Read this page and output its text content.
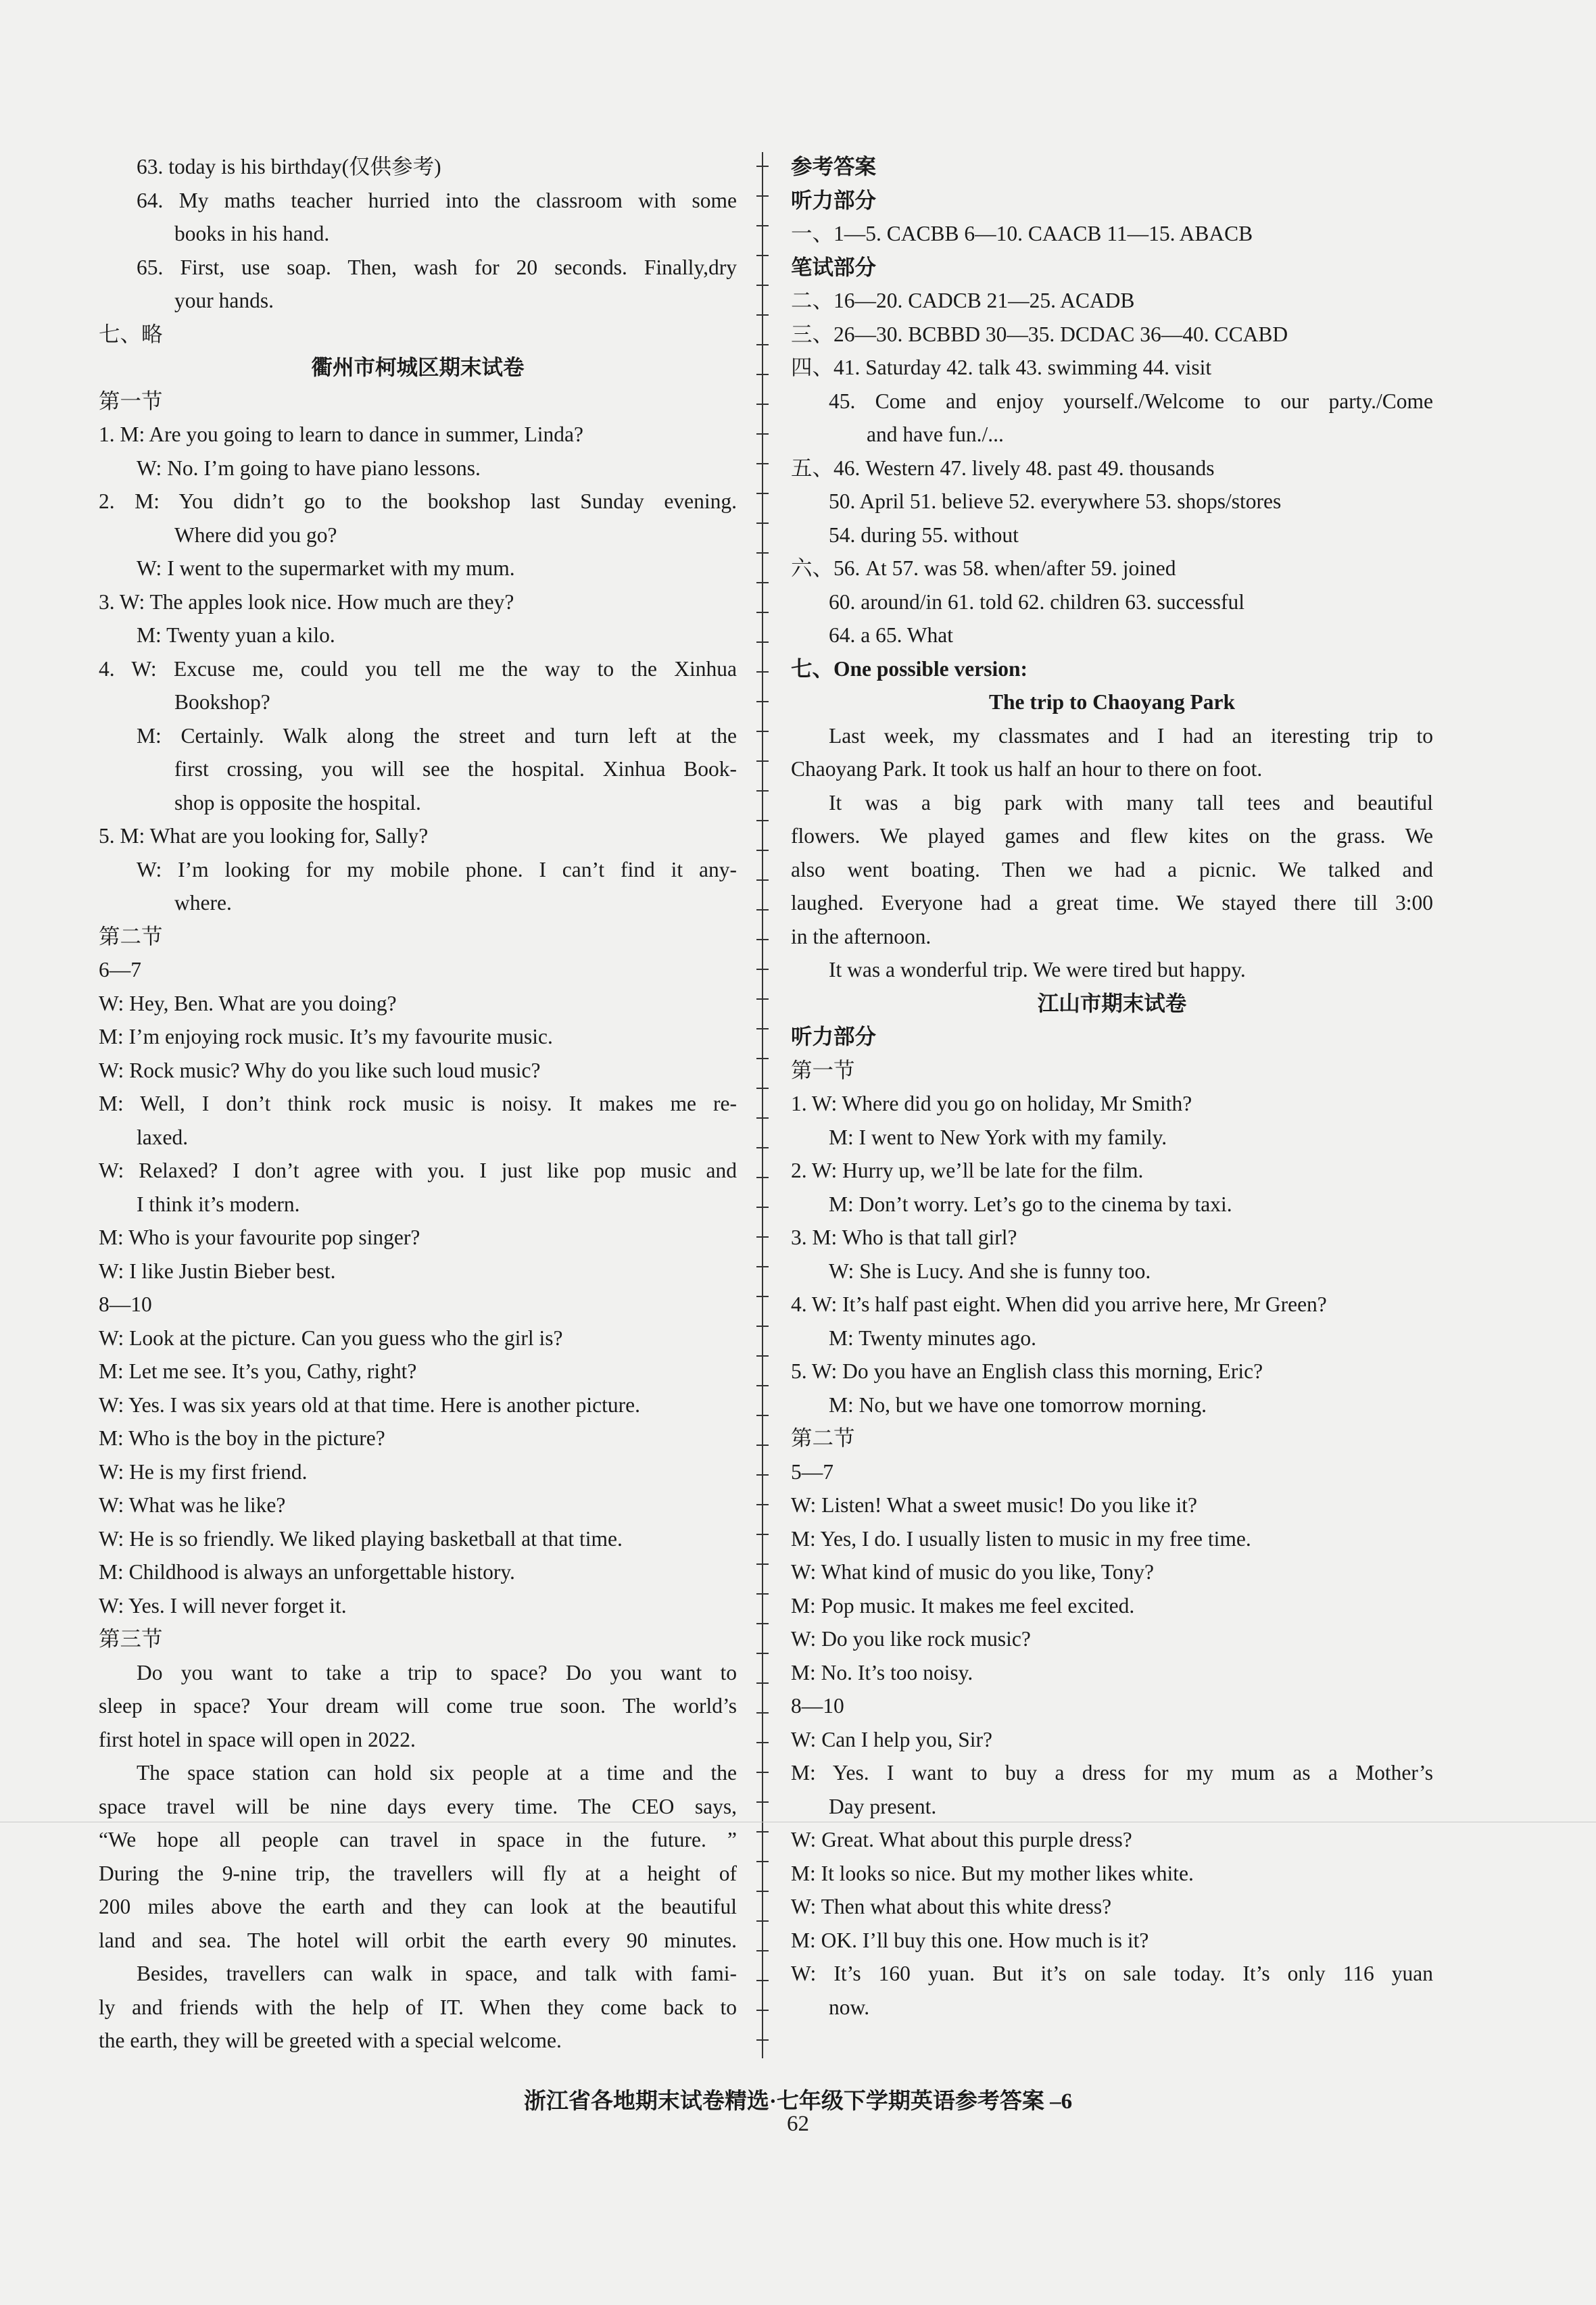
63. today is his birthday(仅供参考)
64. My maths teacher hurried into the classroom with some
books in his hand.
65. First, use soap. Then, wash for 20 seconds. Finally,dry
your hands.
七、略
衢州市柯城区期末试卷
第一节
1. M: Are you going to learn to dance in summer, Linda?
W: No. I’m going to have piano lessons.
2. M: You didn’t go to the bookshop last Sunday evening.
Where did you go?
W: I went to the supermarket with my mum.
3. W: The apples look nice. How much are they?
M: Twenty yuan a kilo.
4. W: Excuse me, could you tell me the way to the Xinhua
Bookshop?
M: Certainly. Walk along the street and turn left at the
first crossing, you will see the hospital. Xinhua Book-
shop is opposite the hospital.
5. M: What are you looking for, Sally?
W: I’m looking for my mobile phone. I can’t find it any-
where.
第二节
6—7
W: Hey, Ben. What are you doing?
M: I’m enjoying rock music. It’s my favourite music.
W: Rock music? Why do you like such loud music?
M: Well, I don’t think rock music is noisy. It makes me re-
laxed.
W: Relaxed? I don’t agree with you. I just like pop music and
I think it’s modern.
M: Who is your favourite pop singer?
W: I like Justin Bieber best.
8—10
W: Look at the picture. Can you guess who the girl is?
M: Let me see. It’s you, Cathy, right?
W: Yes. I was six years old at that time. Here is another picture.
M: Who is the boy in the picture?
W: He is my first friend.
W: What was he like?
W: He is so friendly. We liked playing basketball at that time.
M: Childhood is always an unforgettable history.
W: Yes. I will never forget it.
第三节
Do you want to take a trip to space? Do you want to
sleep in space? Your dream will come true soon. The world’s
first hotel in space will open in 2022.
The space station can hold six people at a time and the
space travel will be nine days every time. The CEO says,
“We hope all people can travel in space in the future. ”
During the 9-nine trip, the travellers will fly at a height of
200 miles above the earth and they can look at the beautiful
land and sea. The hotel will orbit the earth every 90 minutes.
Besides, travellers can walk in space, and talk with fami-
ly and friends with the help of IT. When they come back to
the earth, they will be greeted with a special welcome.
参考答案
听力部分
一、1—5. CACBB 6—10. CAACB 11—15. ABACB
笔试部分
二、16—20. CADCB 21—25. ACADB
三、26—30. BCBBD 30—35. DCDAC 36—40. CCABD
四、41. Saturday 42. talk 43. swimming 44. visit
45. Come and enjoy yourself./Welcome to our party./Come
and have fun./...
五、46. Western 47. lively 48. past 49. thousands
50. April 51. believe 52. everywhere 53. shops/stores
54. during 55. without
六、56. At 57. was 58. when/after 59. joined
60. around/in 61. told 62. children 63. successful
64. a 65. What
七、One possible version:
The trip to Chaoyang Park
Last week, my classmates and I had an iteresting trip to
Chaoyang Park. It took us half an hour to there on foot.
It was a big park with many tall tees and beautiful
flowers. We played games and flew kites on the grass. We
also went boating. Then we had a picnic. We talked and
laughed. Everyone had a great time. We stayed there till 3:00
in the afternoon.
It was a wonderful trip. We were tired but happy.
江山市期末试卷
听力部分
第一节
1. W: Where did you go on holiday, Mr Smith?
M: I went to New York with my family.
2. W: Hurry up, we’ll be late for the film.
M: Don’t worry. Let’s go to the cinema by taxi.
3. M: Who is that tall girl?
W: She is Lucy. And she is funny too.
4. W: It’s half past eight. When did you arrive here, Mr Green?
M: Twenty minutes ago.
5. W: Do you have an English class this morning, Eric?
M: No, but we have one tomorrow morning.
第二节
5—7
W: Listen! What a sweet music! Do you like it?
M: Yes, I do. I usually listen to music in my free time.
W: What kind of music do you like, Tony?
M: Pop music. It makes me feel excited.
W: Do you like rock music?
M: No. It’s too noisy.
8—10
W: Can I help you, Sir?
M: Yes. I want to buy a dress for my mum as a Mother’s
Day present.
W: Great. What about this purple dress?
M: It looks so nice. But my mother likes white.
W: Then what about this white dress?
M: OK. I’ll buy this one. How much is it?
W: It’s 160 yuan. But it’s on sale today. It’s only 116 yuan
now.
浙江省各地期末试卷精选·七年级下学期英语参考答案 –6
62
